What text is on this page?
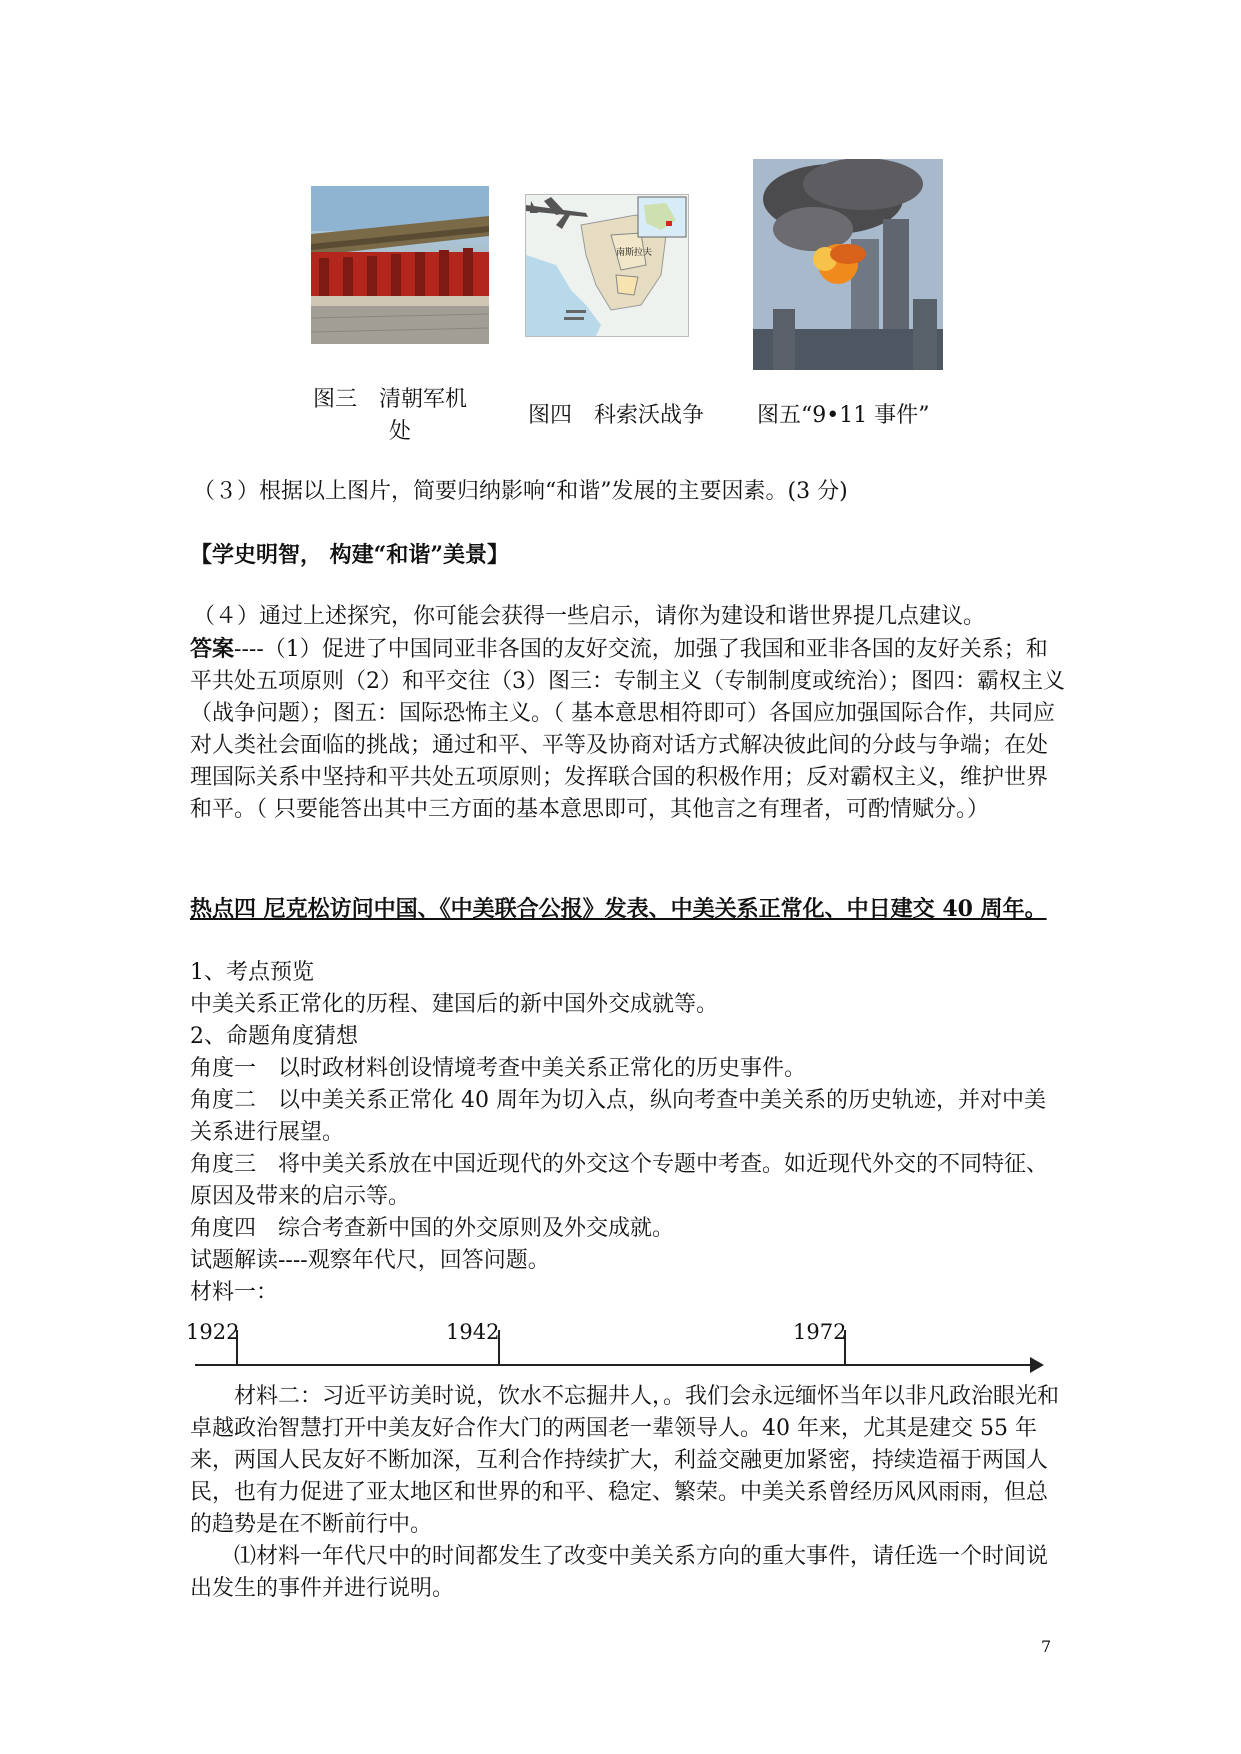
南斯拉夫
图三　清朝军机
处
图四　科索沃战争 图五“9•11 事件”
（３）根据以上图片，简要归纳影响“和谐”发展的主要因素。(3 分)
【学史明智， 构建“和谐”美景】
（４）通过上述探究，你可能会获得一些启示，请你为建设和谐世界提几点建议。
答案----（1）促进了中国同亚非各国的友好交流，加强了我国和亚非各国的友好关系；和平共处五项原则（2）和平交往（3）图三：专制主义（专制制度或统治）；图四：霸权主义（战争问题）；图五：国际恐怖主义。（ 基本意思相符即可）各国应加强国际合作，共同应对人类社会面临的挑战；通过和平、平等及协商对话方式解决彼此间的分歧与争端；在处理国际关系中坚持和平共处五项原则；发挥联合国的积极作用；反对霸权主义，维护世界和平。（ 只要能答出其中三方面的基本意思即可，其他言之有理者，可酌情赋分。）
热点四 尼克松访问中国、《中美联合公报》发表、中美关系正常化、中日建交 40 周年。
1、考点预览
中美关系正常化的历程、建国后的新中国外交成就等。
2、命题角度猜想
角度一　以时政材料创设情境考查中美关系正常化的历史事件。
角度二　以中美关系正常化 40 周年为切入点，纵向考查中美关系的历史轨迹，并对中美关系进行展望。
角度三　将中美关系放在中国近现代的外交这个专题中考查。如近现代外交的不同特征、原因及带来的启示等。
角度四　综合考查新中国的外交原则及外交成就。
试题解读----观察年代尺，回答问题。
材料一：
1922	1942	1972
材料二：习近平访美时说，饮水不忘掘井人，。我们会永远缅怀当年以非凡政治眼光和卓越政治智慧打开中美友好合作大门的两国老一辈领导人。40 年来，尤其是建交 55 年来，两国人民友好不断加深，互利合作持续扩大，利益交融更加紧密，持续造福于两国人民，也有力促进了亚太地区和世界的和平、稳定、繁荣。中美关系曾经历风风雨雨，但总的趋势是在不断前行中。
⑴材料一年代尺中的时间都发生了改变中美关系方向的重大事件，请任选一个时间说出发生的事件并进行说明。
7
